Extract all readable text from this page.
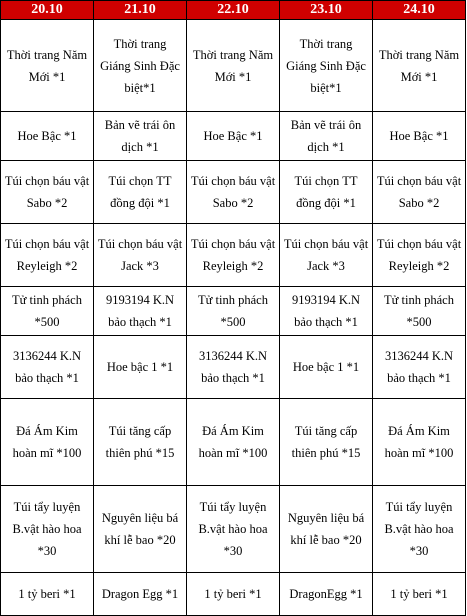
20.10	21.10	22.10	23.10	24.10
Thời trang Năm Mới *1	Thời trang Giáng Sinh Đặc biệt*1	Thời trang Năm Mới *1	Thời trang Giáng Sinh Đặc biệt*1	Thời trang Năm Mới *1
Hoe Bậc *1	Bản vẽ trái ôn dịch *1	Hoe Bậc *1	Bản vẽ trái ôn dịch *1	Hoe Bậc *1
Túi chọn báu vật Sabo *2	Túi chọn TT đồng đội *1	Túi chọn báu vật Sabo *2	Túi chọn TT đồng đội *1	Túi chọn báu vật Sabo *2
Túi chọn báu vật Reyleigh *2	Túi chọn báu vật Jack *3	Túi chọn báu vật Reyleigh *2	Túi chọn báu vật Jack *3	Túi chọn báu vật Reyleigh *2
Tử tinh phách *500	9193194 K.N bảo thạch *1	Tử tinh phách *500	9193194 K.N bảo thạch *1	Tử tinh phách *500
3136244 K.N bảo thạch *1	Hoe bậc 1 *1	3136244 K.N bảo thạch *1	Hoe bậc 1 *1	3136244 K.N bảo thạch *1
Đá Ám Kim hoàn mĩ *100	Túi tăng cấp thiên phú *15	Đá Ám Kim hoàn mĩ *100	Túi tăng cấp thiên phú *15	Đá Ám Kim hoàn mĩ *100
Túi tẩy luyện B.vật hào hoa *30	Nguyên liệu bá khí lễ bao *20	Túi tẩy luyện B.vật hào hoa *30	Nguyên liệu bá khí lễ bao *20	Túi tẩy luyện B.vật hào hoa *30
1 tỷ beri *1	Dragon Egg *1	1 tỷ beri *1	DragonEgg *1	1 tỷ beri *1
